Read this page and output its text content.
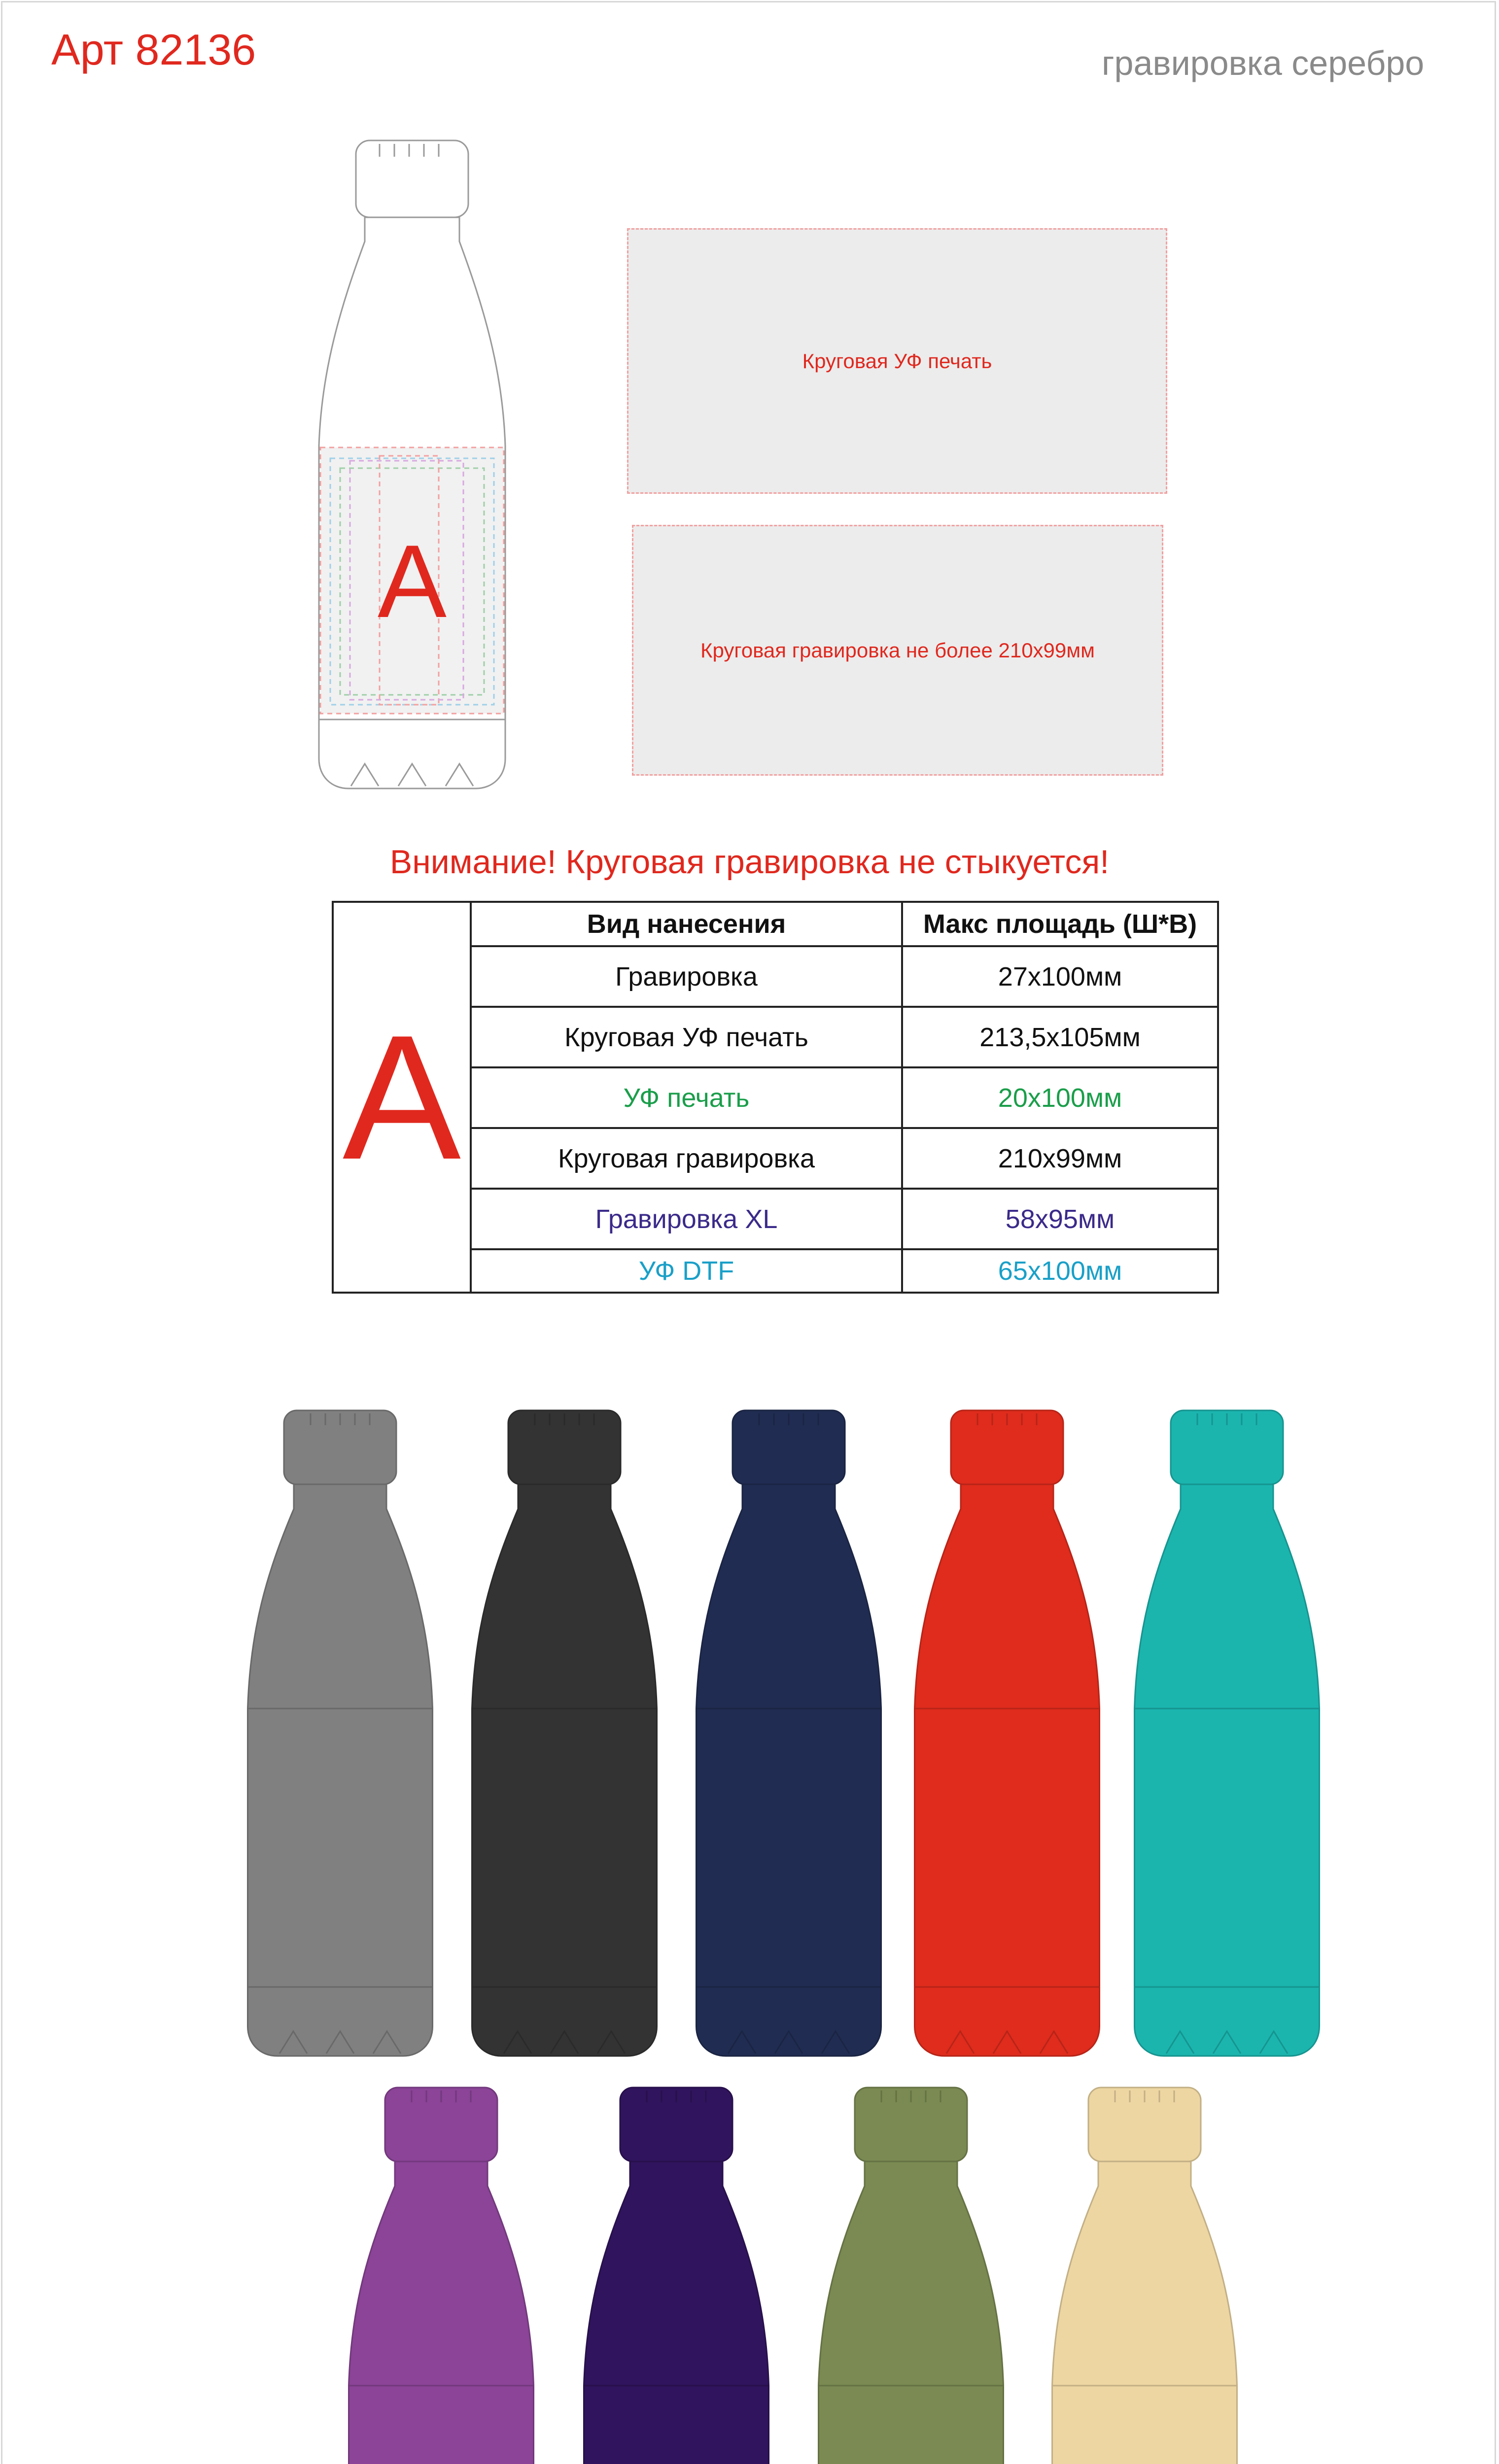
Арт 82136	гравировка серебро
A
Круговая УФ печать
Круговая гравировка не более 210х99мм
Внимание! Круговая гравировка не стыкуется!
A
Вид нанесения	Макс площадь (Ш*В)
Гравировка	27х100мм
Круговая УФ печать	213,5х105мм
УФ печать	20х100мм
Круговая гравировка	210х99мм
Гравировка XL	58х95мм
УФ DTF	65х100мм
